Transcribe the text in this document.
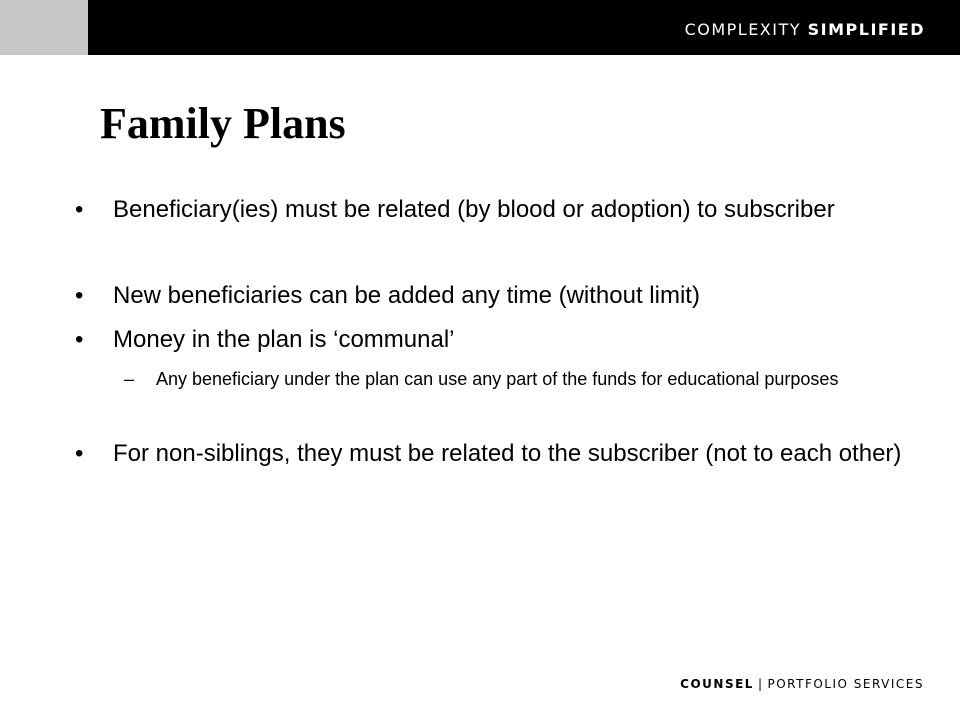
COMPLEXITY SIMPLIFIED
Family Plans
• Beneficiary(ies) must be related (by blood or adoption) to subscriber
• New beneficiaries can be added any time (without limit)
• Money in the plan is ‘communal’
– Any beneficiary under the plan can use any part of the funds for educational purposes
• For non-siblings, they must be related to the subscriber (not to each other)
COUNSEL | PORTFOLIO SERVICES
